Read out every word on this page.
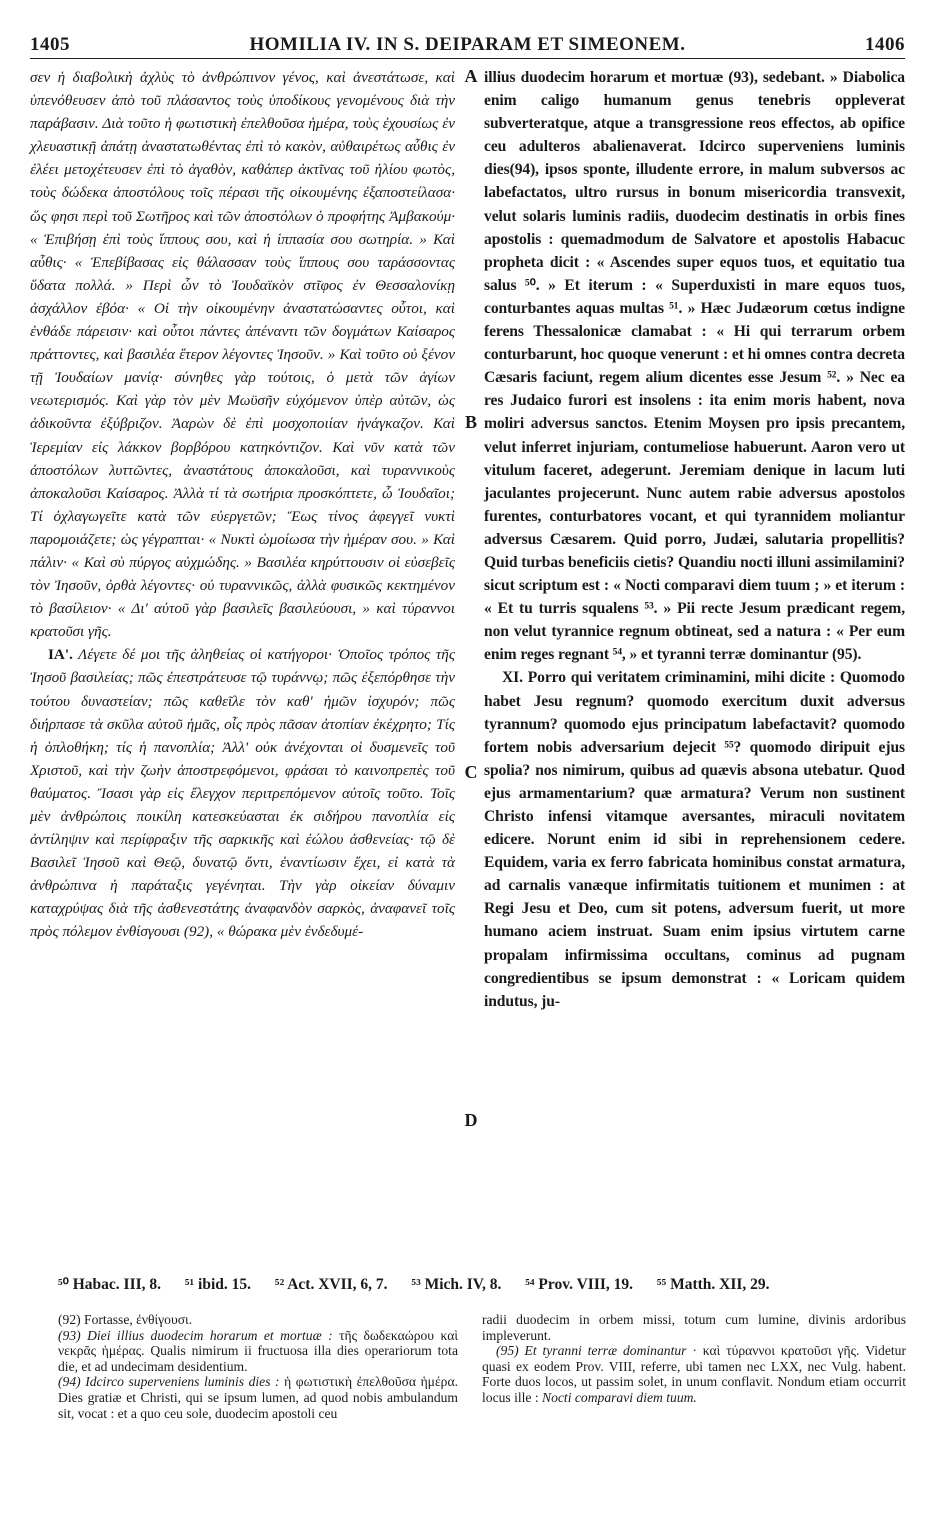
1405	HOMILIA IV. IN S. DEIPARAM ET SIMEONEM.	1406

σεν ἡ διαβολικὴ ἀχλὺς τὸ ἀνθρώπινον γένος, καὶ ἀνεστάτωσε, καὶ ὑπενόθευσεν ἀπὸ τοῦ πλάσαντος τοὺς ὑποδίκους γενομένους διὰ τὴν παράβασιν. Διὰ τοῦτο ἡ φωτιστικὴ ἐπελθοῦσα ἡμέρα, τοὺς ἐχουσίως ἐν χλευαστικῇ ἀπάτῃ ἀναστατωθέντας ἐπὶ τὸ κακὸν, αὐθαιρέτως αὖθις ἐν ἐλέει μετοχέτευσεν ἐπὶ τὸ ἀγαθὸν, καθάπερ ἀκτῖνας τοῦ ἡλίου φωτὸς, τοὺς δώδεκα ἀποστόλους τοῖς πέρασι τῆς οἰκουμένης ἐξαποστείλασα· ὥς φησι περὶ τοῦ Σωτῆρος καὶ τῶν ἀποστόλων ὁ προφήτης Ἀμβακούμ· « Ἐπιβήσῃ ἐπὶ τοὺς ἵππους σου, καὶ ἡ ἱππασία σου σωτηρία. » Καὶ αὖθις· « Ἐπεβίβασας εἰς θάλασσαν τοὺς ἵππους σου ταράσσοντας ὕδατα πολλά. » Περὶ ὧν τὸ Ἰουδαϊκὸν στῖφος ἐν Θεσσαλονίκῃ ἀσχάλλον ἐβόα· « Οἱ τὴν οἰκουμένην ἀναστατώσαντες οὗτοι, καὶ ἐνθάδε πάρεισιν· καὶ οὗτοι πάντες ἀπέναντι τῶν δογμάτων Καίσαρος πράττοντες, καὶ βασιλέα ἕτερον λέγοντες Ἰησοῦν. » Καὶ τοῦτο οὐ ξένον τῇ Ἰουδαίων μανίᾳ· σύνηθες γὰρ τούτοις, ὁ μετὰ τῶν ἁγίων νεωτερισμός. Καὶ γὰρ τὸν μὲν Μωϋσῆν εὐχόμενον ὑπὲρ αὐτῶν, ὡς ἀδικοῦντα ἐξύβριζον. Ἀαρὼν δὲ ἐπὶ μοσχοποιίαν ἠνάγκαζον. Καὶ Ἱερεμίαν εἰς λάκκον βορβόρου κατηκόντιζον. Καὶ νῦν κατὰ τῶν ἀποστόλων λυττῶντες, ἀναστάτους ἀποκαλοῦσι, καὶ τυραννικοὺς ἀποκαλοῦσι Καίσαρος. Ἀλλὰ τί τὰ σωτήρια προσκόπτετε, ὦ Ἰουδαῖοι; Τί ὀχλαγωγεῖτε κατὰ τῶν εὐεργετῶν; Ἕως τίνος ἀφεγγεῖ νυκτὶ παρομοιάζετε; ὡς γέγραπται· « Νυκτὶ ὡμοίωσα τὴν ἡμέραν σου. » Καὶ πάλιν· « Καὶ σὺ πύργος αὐχμώδης. » Βασιλέα κηρύττουσιν οἱ εὐσεβεῖς τὸν Ἰησοῦν, ὀρθὰ λέγοντες· οὐ τυραννικῶς, ἀλλὰ φυσικῶς κεκτημένον τὸ βασίλειον· « Δι' αὐτοῦ γὰρ βασιλεῖς βασιλεύουσι, » καὶ τύραννοι κρατοῦσι γῆς.

ΙΑ'. Λέγετε δέ μοι τῆς ἀληθείας οἱ κατήγοροι· Ὁποῖος τρόπος τῆς Ἰησοῦ βασιλείας; πῶς ἐπεστράτευσε τῷ τυράννῳ; πῶς ἐξεπόρθησε τὴν τούτου δυναστείαν; πῶς καθεῖλε τὸν καθ' ἡμῶν ἰσχυρόν; πῶς διήρπασε τὰ σκῦλα αὐτοῦ ἡμᾶς, οἷς πρὸς πᾶσαν ἀτοπίαν ἐκέχρητο; Τίς ἡ ὁπλοθήκη; τίς ἡ πανοπλία; Ἀλλ' οὐκ ἀνέχονται οἱ δυσμενεῖς τοῦ Χριστοῦ, καὶ τὴν ζωὴν ἀποστρεφόμενοι, φράσαι τὸ καινοπρεπὲς τοῦ θαύματος. Ἴσασι γὰρ εἰς ἔλεγχον περιτρεπόμενον αὐτοῖς τοῦτο. Τοῖς μὲν ἀνθρώποις ποικίλη κατεσκεύασται ἐκ σιδήρου πανοπλία εἰς ἀντίληψιν καὶ περίφραξιν τῆς σαρκικῆς καὶ ἐώλου ἀσθενείας· τῷ δὲ Βασιλεῖ Ἰησοῦ καὶ Θεῷ, δυνατῷ ὄντι, ἐναντίωσιν ἔχει, εἰ κατὰ τὰ ἀνθρώπινα ἡ παράταξις γεγένηται. Τὴν γὰρ οἰκείαν δύναμιν καταχρύψας διὰ τῆς ἀσθενεστάτης ἀναφανδὸν σαρκὸς, ἀναφανεῖ τοῖς πρὸς πόλεμον ἐνθίσγουσι (92), « θώρακα μὲν ἐνδεδυμέ-

A
B
C
D

illius duodecim horarum et mortuæ (93), sedebant. » Diabolica enim caligo humanum genus tenebris oppleverat subverteratque, atque a transgressione reos effectos, ab opifice ceu adulteros abalienaverat. Idcirco superveniens luminis dies(94), ipsos sponte, illudente errore, in malum subversos ac labefactatos, ultro rursus in bonum misericordia transvexit, velut solaris luminis radiis, duodecim destinatis in orbis fines apostolis : quemadmodum de Salvatore et apostolis Habacuc propheta dicit : « Ascendes super equos tuos, et equitatio tua salus ⁵⁰. » Et iterum : « Superduxisti in mare equos tuos, conturbantes aquas multas ⁵¹. » Hæc Judæorum cœtus indigne ferens Thessalonicæ clamabat : « Hi qui terrarum orbem conturbarunt, hoc quoque venerunt : et hi omnes contra decreta Cæsaris faciunt, regem alium dicentes esse Jesum ⁵². » Nec ea res Judaico furori est insolens : ita enim moris habent, nova moliri adversus sanctos. Etenim Moysen pro ipsis precantem, velut inferret injuriam, contumeliose habuerunt. Aaron vero ut vitulum faceret, adegerunt. Jeremiam denique in lacum luti jaculantes projecerunt. Nunc autem rabie adversus apostolos furentes, conturbatores vocant, et qui tyrannidem moliantur adversus Cæsarem. Quid porro, Judæi, salutaria propellitis? Quid turbas beneficiis cietis? Quandiu nocti illuni assimilamini? sicut scriptum est : « Nocti comparavi diem tuum ; » et iterum : « Et tu turris squalens ⁵³. » Pii recte Jesum prædicant regem, non velut tyrannice regnum obtineat, sed a natura : « Per eum enim reges regnant ⁵⁴, » et tyranni terræ dominantur (95).

XI. Porro qui veritatem criminamini, mihi dicite : Quomodo habet Jesu regnum? quomodo exercitum duxit adversus tyrannum? quomodo ejus principatum labefactavit? quomodo fortem nobis adversarium dejecit ⁵⁵? quomodo diripuit ejus spolia? nos nimirum, quibus ad quævis absona utebatur. Quod ejus armamentarium? quæ armatura? Verum non sustinent Christo infensi vitamque aversantes, miraculi novitatem edicere. Norunt enim id sibi in reprehensionem cedere. Equidem, varia ex ferro fabricata hominibus constat armatura, ad carnalis vanæque infirmitatis tuitionem et munimen : at Regi Jesu et Deo, cum sit potens, adversum fuerit, ut more humano aciem instruat. Suam enim ipsius virtutem carne propalam infirmissima occultans, cominus ad pugnam congredientibus se ipsum demonstrat : « Loricam quidem indutus, ju-

⁵⁰ Habac. III, 8. ⁵¹ ibid. 15. ⁵² Act. XVII, 6, 7. ⁵³ Mich. IV, 8. ⁵⁴ Prov. VIII, 19. ⁵⁵ Matth. XII, 29.

(92) Fortasse, ἐνθίγουσι.

(93) Diei illius duodecim horarum et mortuæ : τῆς δωδεκαώρου καὶ νεκρᾶς ἡμέρας. Qualis nimirum ii fructuosa illa dies operariorum tota die, et ad undecimam desidentium.

(94) Idcirco superveniens luminis dies : ἡ φωτιστικὴ ἐπελθοῦσα ἡμέρα. Dies gratiæ et Christi, qui se ipsum lumen, ad quod nobis ambulandum sit, vocat : et a quo ceu sole, duodecim apostoli ceu

radii duodecim in orbem missi, totum cum lumine, divinis ardoribus impleverunt.

(95) Et tyranni terræ dominantur · καὶ τύραννοι κρατοῦσι γῆς. Videtur quasi ex eodem Prov. VIII, referre, ubi tamen nec LXX, nec Vulg. habent. Forte duos locos, ut passim solet, in unum conflavit. Nondum etiam occurrit locus ille : Nocti comparavi diem tuum.
